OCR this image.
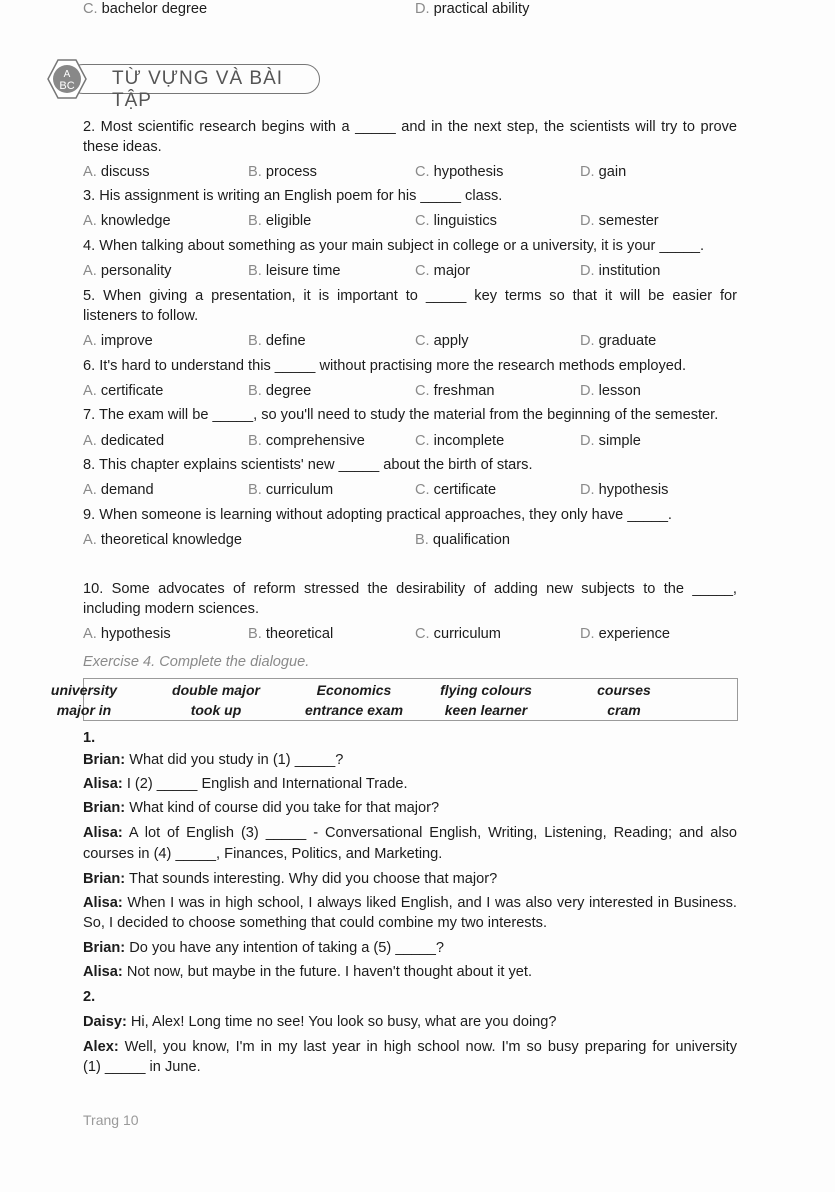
A
BC TỪ VỰNG VÀ BÀI TẬP
Exercise 4. Complete the dialogue.
university	double major	Economics	flying colours	courses
major in	took up	entrance exam	keen learner	cram
Trang 10
2. Most scientific research begins with a _____ and in the next step, the scientists will try to prove
these ideas.
A. discuss	B. process	C. hypothesis	D. gain
3. His assignment is writing an English poem for his _____ class.
A. knowledge	B. eligible	C. linguistics	D. semester
4. When talking about something as your main subject in college or a university, it is your _____.
A. personality	B. leisure time	C. major	D. institution
5. When giving a presentation, it is important to _____ key terms so that it will be easier for
listeners to follow.
A. improve	B. define	C. apply	D. graduate
6. It's hard to understand this _____ without practising more the research methods employed.
A. certificate	B. degree	C. freshman	D. lesson
7. The exam will be _____, so you'll need to study the material from the beginning of the semester.
A. dedicated	B. comprehensive	C. incomplete	D. simple
8. This chapter explains scientists' new _____ about the birth of stars.
A. demand	B. curriculum	C. certificate	D. hypothesis
9. When someone is learning without adopting practical approaches, they only have _____.
A. theoretical knowledge	B. qualification
C. bachelor degree	D. practical ability
10. Some advocates of reform stressed the desirability of adding new subjects to the _____,
including modern sciences.
A. hypothesis	B. theoretical	C. curriculum	D. experience
1.
Brian: What did you study in (1) _____?
Alisa: I (2) _____ English and International Trade.
Brian: What kind of course did you take for that major?
Alisa: A lot of English (3) _____ - Conversational English, Writing, Listening, Reading; and also
courses in (4) _____, Finances, Politics, and Marketing.
Brian: That sounds interesting. Why did you choose that major?
Alisa: When I was in high school, I always liked English, and I was also very interested in Business.
So, I decided to choose something that could combine my two interests.
Brian: Do you have any intention of taking a (5) _____?
Alisa: Not now, but maybe in the future. I haven't thought about it yet.
2.
Daisy: Hi, Alex! Long time no see! You look so busy, what are you doing?
Alex: Well, you know, I'm in my last year in high school now. I'm so busy preparing for university
(1) _____ in June.
